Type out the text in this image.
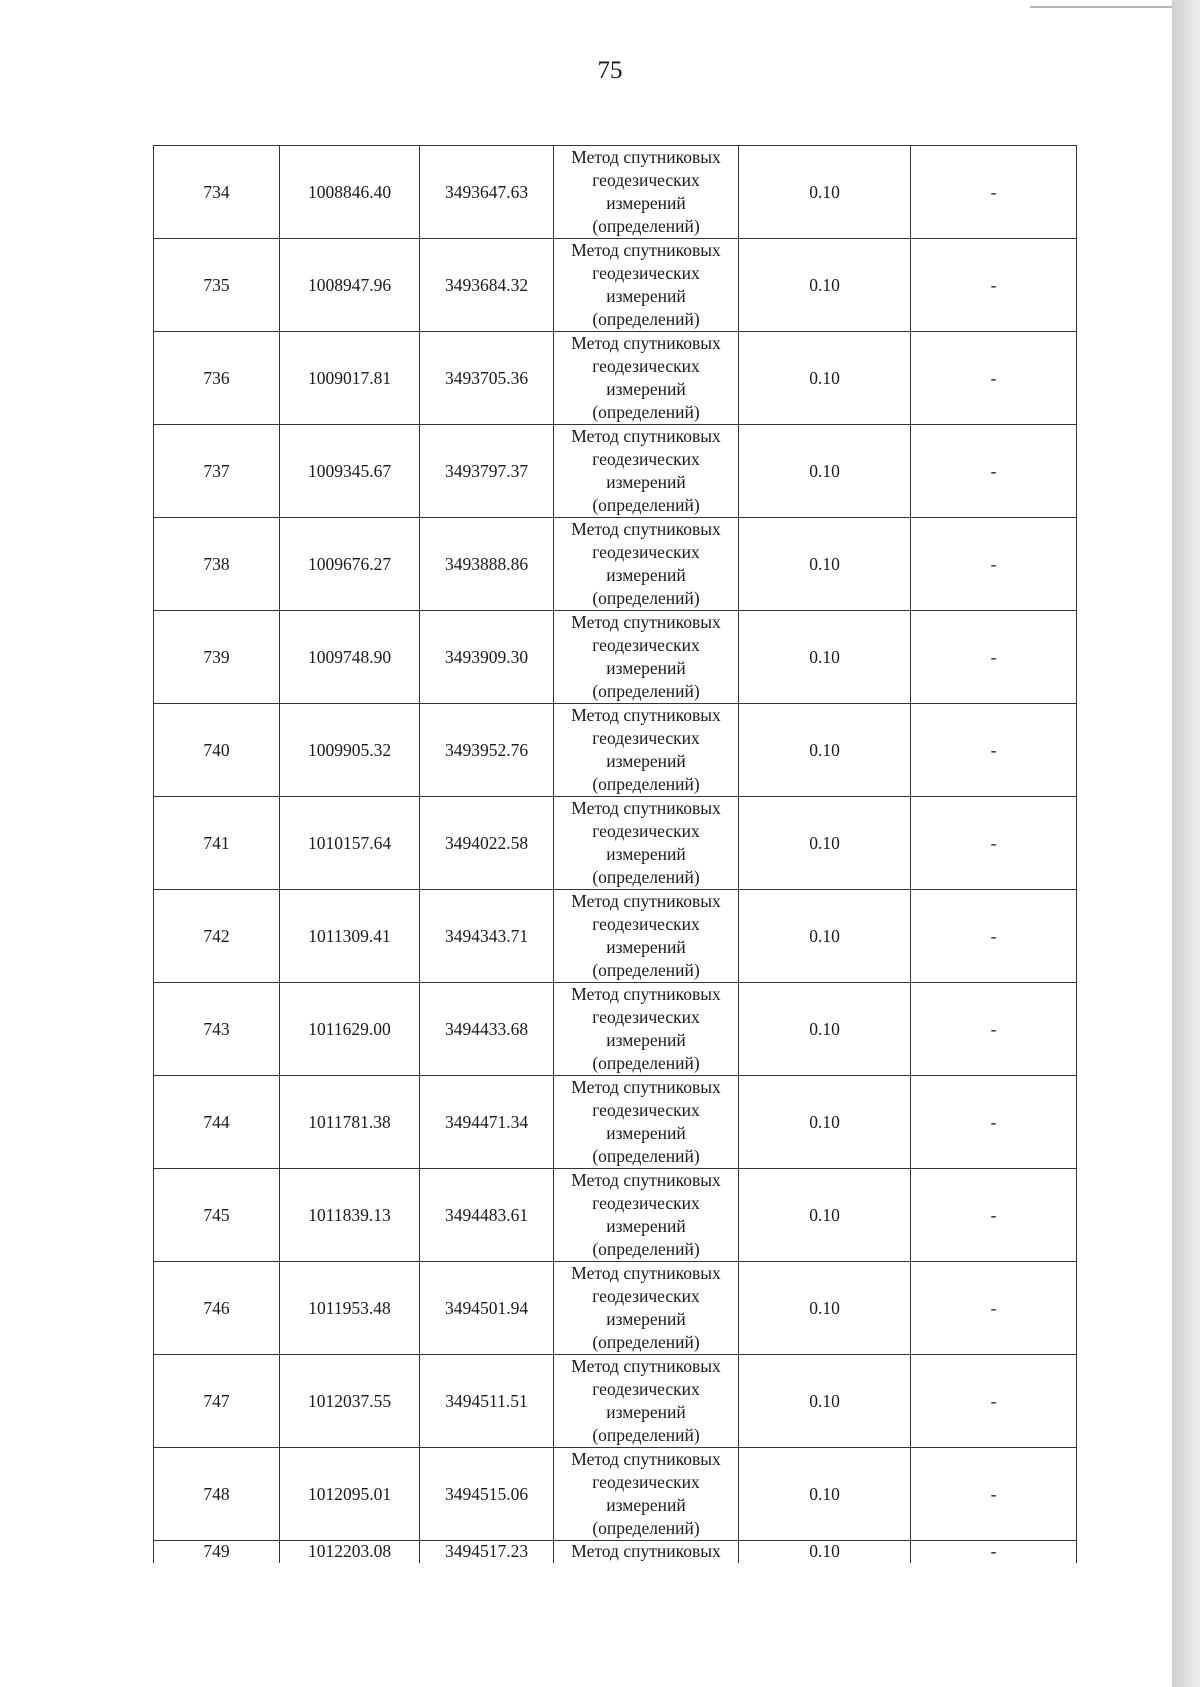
75
734	1008846.40	3493647.63	Метод спутниковых
геодезических
измерений
(определений)	0.10	-
735	1008947.96	3493684.32	Метод спутниковых
геодезических
измерений
(определений)	0.10	-
736	1009017.81	3493705.36	Метод спутниковых
геодезических
измерений
(определений)	0.10	-
737	1009345.67	3493797.37	Метод спутниковых
геодезических
измерений
(определений)	0.10	-
738	1009676.27	3493888.86	Метод спутниковых
геодезических
измерений
(определений)	0.10	-
739	1009748.90	3493909.30	Метод спутниковых
геодезических
измерений
(определений)	0.10	-
740	1009905.32	3493952.76	Метод спутниковых
геодезических
измерений
(определений)	0.10	-
741	1010157.64	3494022.58	Метод спутниковых
геодезических
измерений
(определений)	0.10	-
742	1011309.41	3494343.71	Метод спутниковых
геодезических
измерений
(определений)	0.10	-
743	1011629.00	3494433.68	Метод спутниковых
геодезических
измерений
(определений)	0.10	-
744	1011781.38	3494471.34	Метод спутниковых
геодезических
измерений
(определений)	0.10	-
745	1011839.13	3494483.61	Метод спутниковых
геодезических
измерений
(определений)	0.10	-
746	1011953.48	3494501.94	Метод спутниковых
геодезических
измерений
(определений)	0.10	-
747	1012037.55	3494511.51	Метод спутниковых
геодезических
измерений
(определений)	0.10	-
748	1012095.01	3494515.06	Метод спутниковых
геодезических
измерений
(определений)	0.10	-
749	1012203.08	3494517.23	Метод спутниковых	0.10	-
